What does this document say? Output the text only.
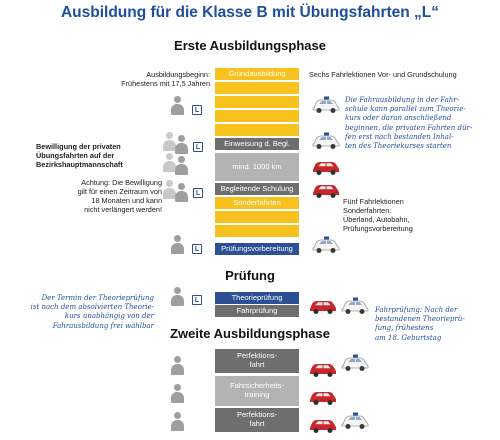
Ausbildung für die Klasse B mit Übungsfahrten „L“
Erste Ausbildungsphase
Prüfung
Zweite Ausbildungsphase
Grundausbildung
Einweisung d. Begl.
mind. 1000 km
Begleitende Schulung
Sonderfahrten
Prüfungsvorbereitung
Theorieprüfung
Fahrprüfung
Perfektions-
fahrt
Fahrsicherheits-
training
Perfektions-
fahrt
Ausbildungsbeginn:
Frühestens mit 17,5 Jahren
Bewilligung der privaten
Übungsfahrten auf der
Bezirkshauptmannschaft
Achtung: Die Bewilligung
gilt für einen Zeitraum von
18 Monaten und kann
nicht verlängert werden!
Sechs Fahrlektionen Vor- und Grundschulung
Fünf Fahrlektionen
Sonderfahrten:
Überland, Autobahn,
Prüfungsvorbereitung
Die Fahrausbildung in der Fahr-
schule kann parallel zum Theorie-
kurs oder daran anschließend
beginnen, die privaten Fahrten dür-
fen erst nach bestanden Inhal-
ten des Theoriekurses starten
Der Termin der Theorieprüfung
ist nach dem absolvierten Theorie-
kurs unabhängig von der
Fahrausbildung frei wählbar
Fahrprüfung: Nach der
bestandenen Theorieprü-
fung, frühestens
am 18. Geburtstag
L
L
L
L
L
